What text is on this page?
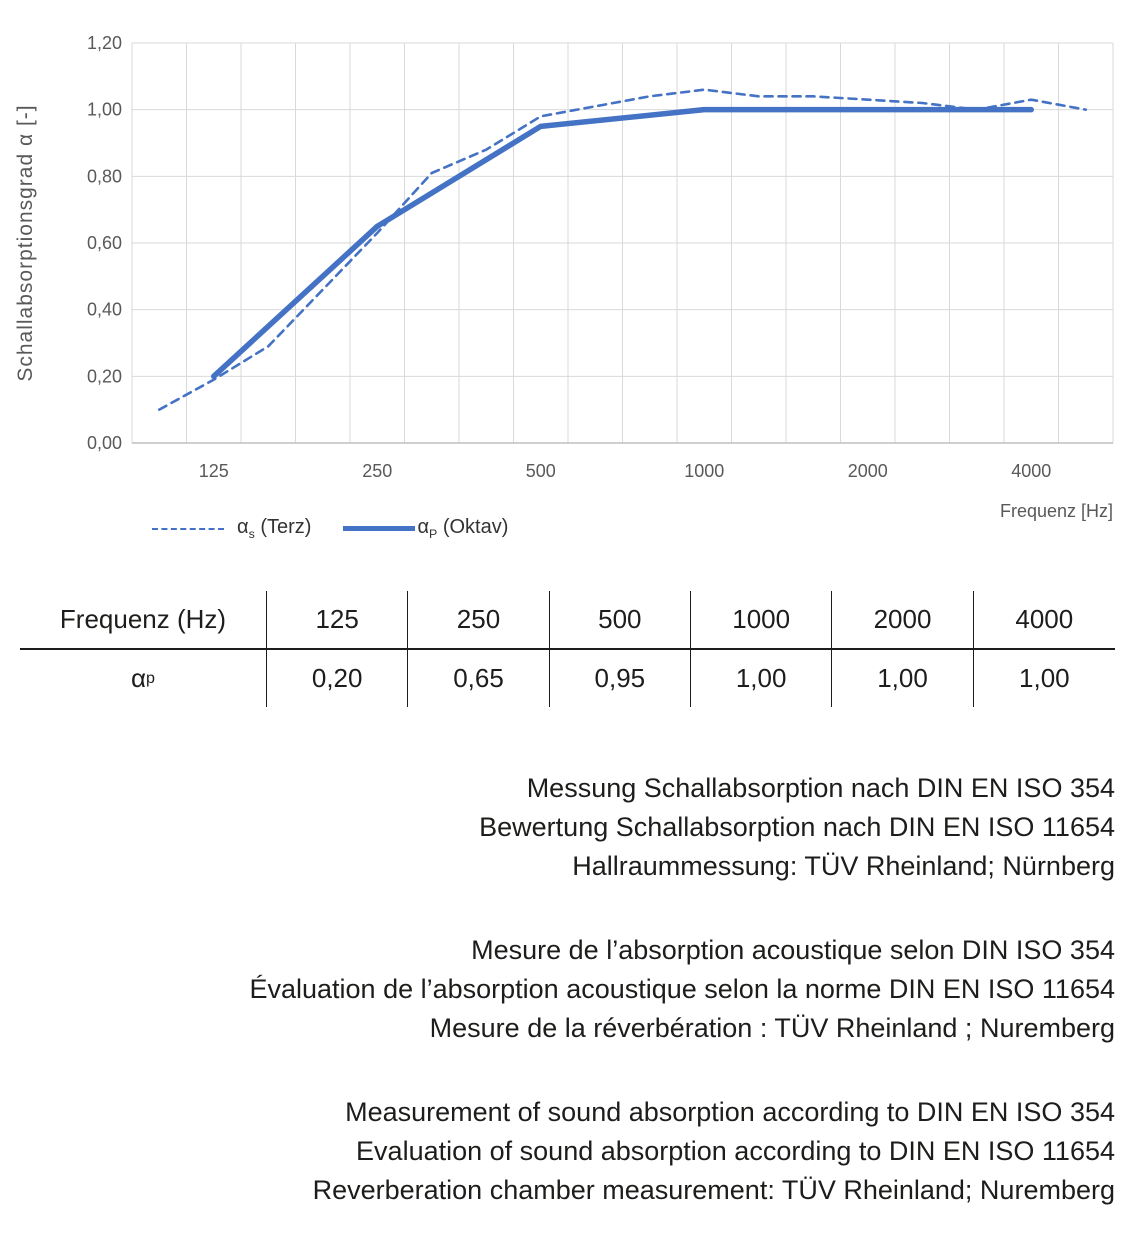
0,00
0,20
0,40
0,60
0,80
1,00
1,20
125	250	500	1000	2000	4000
Schallabsorptionsgrad α [-]
Frequenz [Hz]
$\alpha_s$ (Terz)	$\alpha_P$ (Oktav)
Frequenz (Hz)	125	250	500	1000	2000	4000
α p	0,20	0,65	0,95	1,00	1,00	1,00
Messung Schallabsorption nach DIN EN ISO 354
Bewertung Schallabsorption nach DIN EN ISO 11654
Hallraummessung: TÜV Rheinland; Nürnberg
Mesure de l’absorption acoustique selon DIN ISO 354
Évaluation de l’absorption acoustique selon la norme DIN EN ISO 11654
Mesure de la réverbération : TÜV Rheinland ; Nuremberg
Measurement of sound absorption according to DIN EN ISO 354
Evaluation of sound absorption according to DIN EN ISO 11654
Reverberation chamber measurement: TÜV Rheinland; Nuremberg
